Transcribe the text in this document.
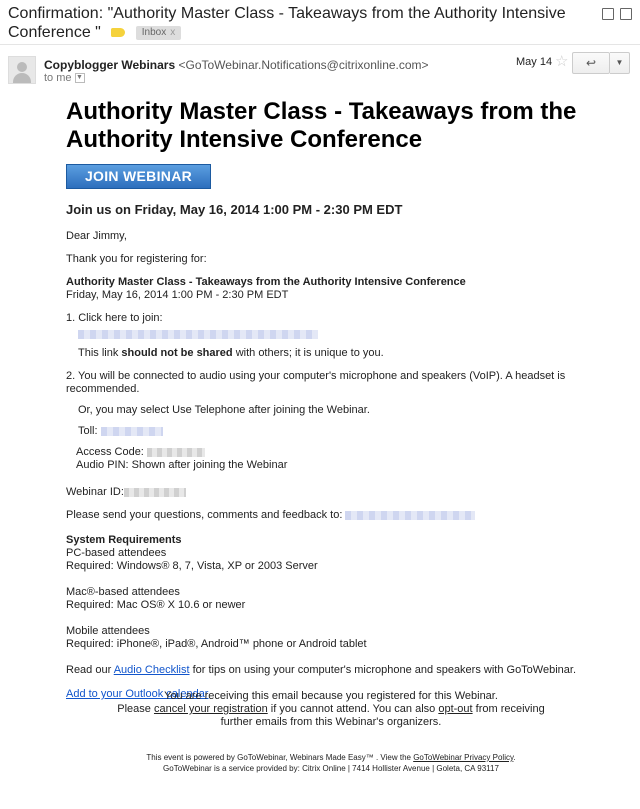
Confirmation: "Authority Master Class - Takeaways from the Authority Intensive Conference "	Inbox x
Copyblogger Webinars <GoToWebinar.Notifications@citrixonline.com>
to me ▼
May 14 ☆	↩	▼
Authority Master Class - Takeaways from the Authority Intensive Conference
JOIN WEBINAR
Join us on Friday, May 16, 2014 1:00 PM - 2:30 PM EDT
Dear Jimmy,
Thank you for registering for:
Authority Master Class - Takeaways from the Authority Intensive Conference
Friday, May 16, 2014 1:00 PM - 2:30 PM EDT
1. Click here to join:
This link should not be shared with others; it is unique to you.
2. You will be connected to audio using your computer's microphone and speakers (VoIP). A headset is recommended.
Or, you may select Use Telephone after joining the Webinar.
Toll:
Access Code:
Audio PIN: Shown after joining the Webinar
Webinar ID:
Please send your questions, comments and feedback to:
System Requirements
PC-based attendees
Required: Windows® 8, 7, Vista, XP or 2003 Server
Mac®-based attendees
Required: Mac OS® X 10.6 or newer
Mobile attendees
Required: iPhone®, iPad®, Android™ phone or Android tablet
Read our Audio Checklist for tips on using your computer's microphone and speakers with GoToWebinar.
Add to your Outlook calendar
You are receiving this email because you registered for this Webinar.
Please cancel your registration if you cannot attend. You can also opt-out from receiving
further emails from this Webinar's organizers.
This event is powered by GoToWebinar, Webinars Made Easy™ . View the GoToWebinar Privacy Policy.
GoToWebinar is a service provided by: Citrix Online | 7414 Hollister Avenue | Goleta, CA 93117
